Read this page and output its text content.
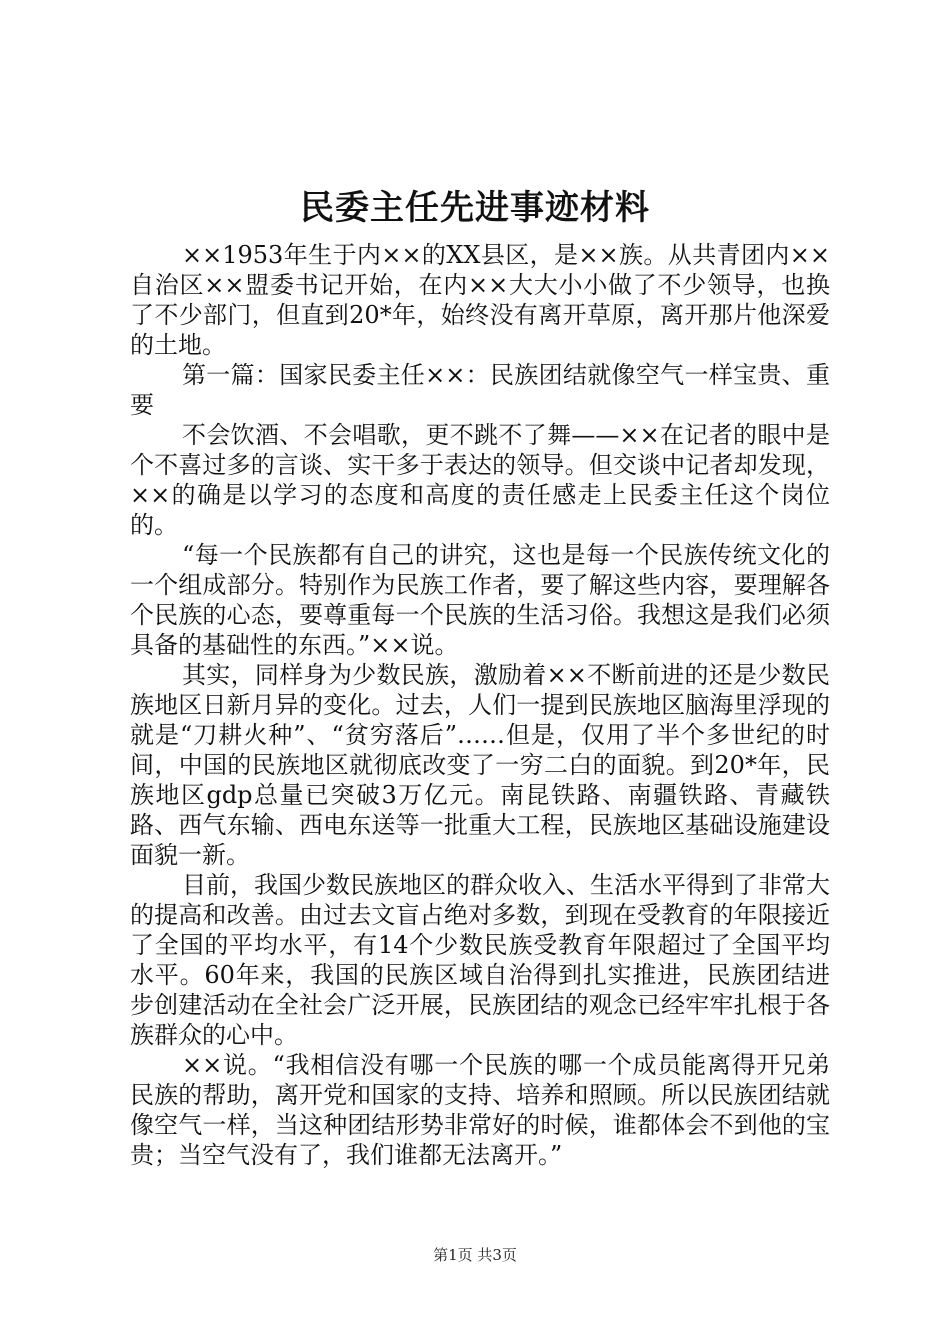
民委主任先进事迹材料

××1953年生于内××的XX县区，是××族。从共青团内××自治区××盟委书记开始，在内××大大小小做了不少领导，也换了不少部门，但直到20*年，始终没有离开草原，离开那片他深爱的土地。

第一篇：国家民委主任××：民族团结就像空气一样宝贵、重要

不会饮酒、不会唱歌，更不跳不了舞——××在记者的眼中是个不喜过多的言谈、实干多于表达的领导。但交谈中记者却发现，××的确是以学习的态度和高度的责任感走上民委主任这个岗位的。

“每一个民族都有自己的讲究，这也是每一个民族传统文化的一个组成部分。特别作为民族工作者，要了解这些内容，要理解各个民族的心态，要尊重每一个民族的生活习俗。我想这是我们必须具备的基础性的东西。”××说。

其实，同样身为少数民族，激励着××不断前进的还是少数民族地区日新月异的变化。过去，人们一提到民族地区脑海里浮现的就是“刀耕火种”、“贫穷落后”……但是，仅用了半个多世纪的时间，中国的民族地区就彻底改变了一穷二白的面貌。到20*年，民族地区gdp总量已突破3万亿元。南昆铁路、南疆铁路、青藏铁路、西气东输、西电东送等一批重大工程，民族地区基础设施建设面貌一新。

目前，我国少数民族地区的群众收入、生活水平得到了非常大的提高和改善。由过去文盲占绝对多数，到现在受教育的年限接近了全国的平均水平，有14个少数民族受教育年限超过了全国平均水平。60年来，我国的民族区域自治得到扎实推进，民族团结进步创建活动在全社会广泛开展，民族团结的观念已经牢牢扎根于各族群众的心中。

××说。“我相信没有哪一个民族的哪一个成员能离得开兄弟民族的帮助，离开党和国家的支持、培养和照顾。所以民族团结就像空气一样，当这种团结形势非常好的时候，谁都体会不到他的宝贵；当空气没有了，我们谁都无法离开。”

第1页 共3页
